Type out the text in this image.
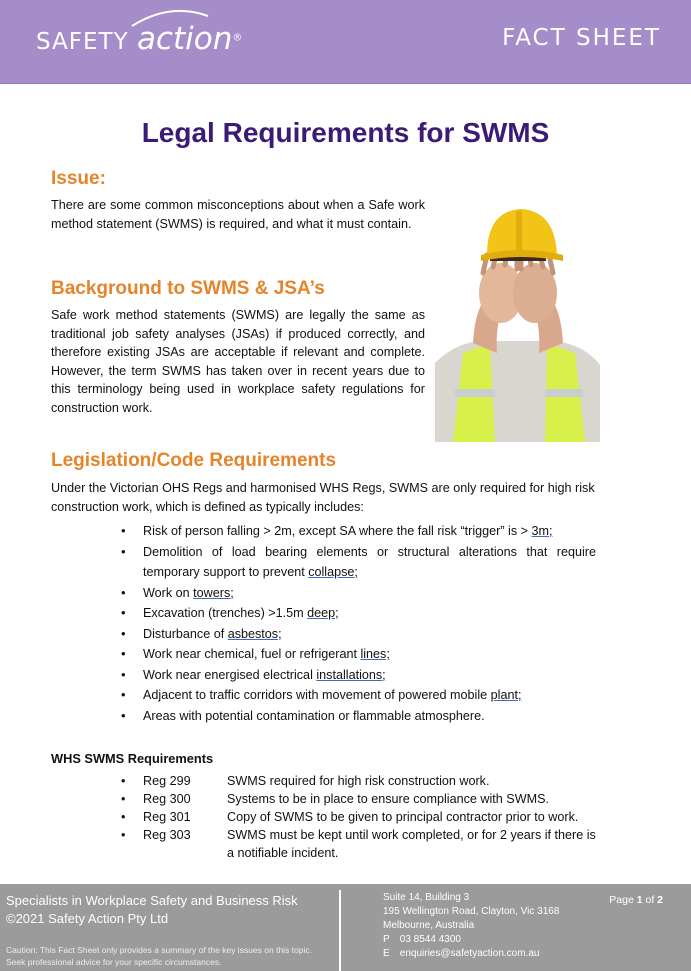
SAFETY action®	FACT SHEET
Legal Requirements for SWMS
Issue:
There are some common misconceptions about when a Safe work method statement (SWMS) is required, and what it must contain.
Background to SWMS & JSA’s
Safe work method statements (SWMS) are legally the same as traditional job safety analyses (JSAs) if produced correctly, and therefore existing JSAs are acceptable if relevant and complete. However, the term SWMS has taken over in recent years due to this terminology being used in workplace safety regulations for construction work.
Legislation/Code Requirements
Under the Victorian OHS Regs and harmonised WHS Regs, SWMS are only required for high risk construction work, which is defined as typically includes:
• Risk of person falling > 2m, except SA where the fall risk “trigger” is > 3m;
• Demolition of load bearing elements or structural alterations that require temporary support to prevent collapse;
• Work on towers;
• Excavation (trenches) >1.5m deep;
• Disturbance of asbestos;
• Work near chemical, fuel or refrigerant lines;
• Work near energised electrical installations;
• Adjacent to traffic corridors with movement of powered mobile plant;
• Areas with potential contamination or flammable atmosphere.
WHS SWMS Requirements
• Reg 299	SWMS required for high risk construction work.
• Reg 300	Systems to be in place to ensure compliance with SWMS.
• Reg 301	Copy of SWMS to be given to principal contractor prior to work.
• Reg 303	SWMS must be kept until work completed, or for 2 years if there is a notifiable incident.
Specialists in Workplace Safety and Business Risk
©2021 Safety Action Pty Ltd
Caution: This Fact Sheet only provides a summary of the key issues on this topic. Seek professional advice for your specific circumstances.
Suite 14, Building 3
195 Wellington Road, Clayton, Vic 3168
Melbourne, Australia
P 03 8544 4300
E enquiries@safetyaction.com.au
Page 1 of 2
